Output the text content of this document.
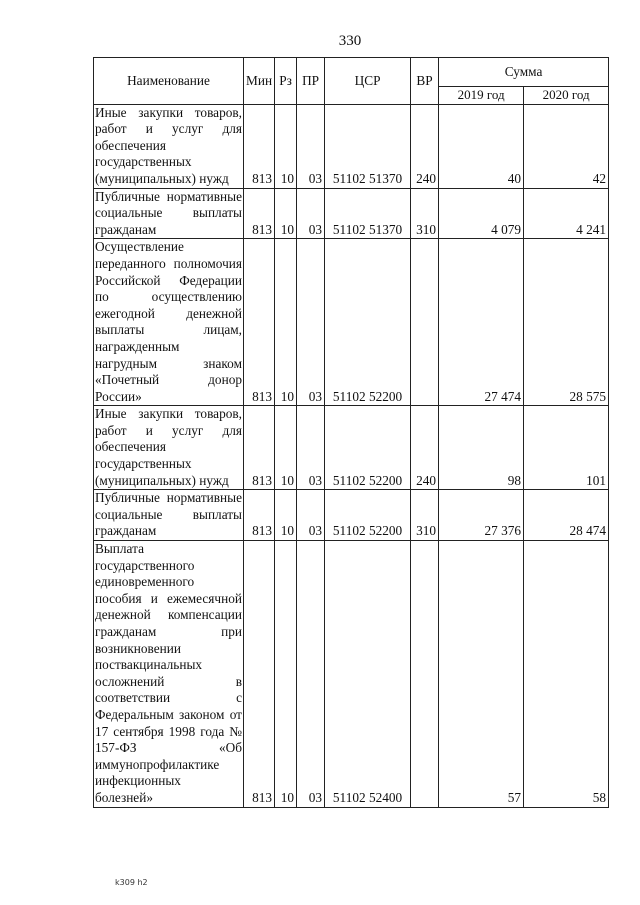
330
Наименование	Мин	Рз	ПР	ЦСР	ВР	Сумма	
						2019 год	2020 год
Иные закупки товаров, работ и услуг для обеспечения государственных (муниципальных) нужд	813	10	03	51102 51370	240	40	42
Публичные нормативные социальные выплаты гражданам	813	10	03	51102 51370	310	4 079	4 241
Осуществление переданного полномочия Российской Федерации по осуществлению ежегодной денежной выплаты лицам, награжденным нагрудным знаком «Почетный донор России»	813	10	03	51102 52200		27 474	28 575
Иные закупки товаров, работ и услуг для обеспечения государственных (муниципальных) нужд	813	10	03	51102 52200	240	98	101
Публичные нормативные социальные выплаты гражданам	813	10	03	51102 52200	310	27 376	28 474
Выплата государственного единовременного пособия и ежемесячной денежной компенсации гражданам при возникновении поствакцинальных осложнений в соответствии с Федеральным законом от 17 сентября 1998 года № 157-ФЗ «Об иммунопрофилактике инфекционных болезней»	813	10	03	51102 52400		57	58
k309 h2
